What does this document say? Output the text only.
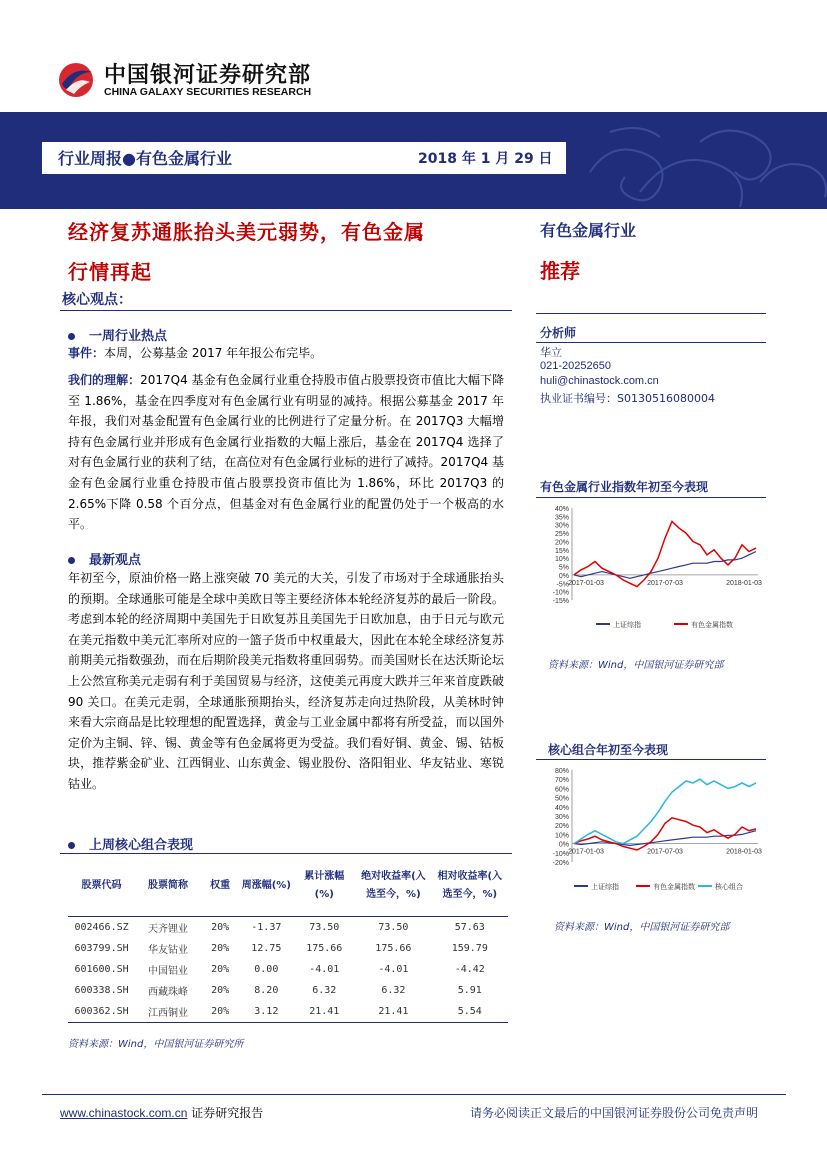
中国银河证券研究部
CHINA GALAXY SECURITIES RESEARCH
行业周报●有色金属行业	2018 年 1 月 29 日
经济复苏通胀抬头美元弱势，有色金属
行情再起
核心观点：
有色金属行业
推荐
一周行业热点
事件：本周，公募基金 2017 年年报公布完毕。
我们的理解：2017Q4 基金有色金属行业重仓持股市值占股票投资市值比大幅下降至 1.86%，基金在四季度对有色金属行业有明显的减持。根据公募基金 2017 年年报，我们对基金配置有色金属行业的比例进行了定量分析。在 2017Q3 大幅增持有色金属行业并形成有色金属行业指数的大幅上涨后，基金在 2017Q4 选择了对有色金属行业的获利了结，在高位对有色金属行业标的进行了减持。2017Q4 基金有色金属行业重仓持股市值占股票投资市值比为 1.86%，环比 2017Q3 的 2.65%下降 0.58 个百分点，但基金对有色金属行业的配置仍处于一个极高的水平。
最新观点
年初至今，原油价格一路上涨突破 70 美元的大关，引发了市场对于全球通胀抬头的预期。全球通胀可能是全球中美欧日等主要经济体本轮经济复苏的最后一阶段。考虑到本轮的经济周期中美国先于日欧复苏且美国先于日欧加息，由于日元与欧元在美元指数中美元汇率所对应的一篮子货币中权重最大，因此在本轮全球经济复苏前期美元指数强劲，而在后期阶段美元指数将重回弱势。而美国财长在达沃斯论坛上公然宣称美元走弱有利于美国贸易与经济，这使美元再度大跌并三年来首度跌破 90 关口。在美元走弱，全球通胀预期抬头，经济复苏走向过热阶段，从美林时钟来看大宗商品是比较理想的配置选择，黄金与工业金属中都将有所受益，而以国外定价为主铜、锌、锡、黄金等有色金属将更为受益。我们看好铜、黄金、锡、钴板块，推荐紫金矿业、江西铜业、山东黄金、锡业股份、洛阳钼业、华友钴业、寒锐钴业。
上周核心组合表现
股票代码	股票简称	权重	周涨幅(%)	累计涨幅(%)	绝对收益率(入选至今，%)	相对收益率(入选至今，%)
002466.SZ	天齐锂业	20%	-1.37	73.50	73.50	57.63
603799.SH	华友钴业	20%	12.75	175.66	175.66	159.79
601600.SH	中国铝业	20%	0.00	-4.01	-4.01	-4.42
600338.SH	西藏珠峰	20%	8.20	6.32	6.32	5.91
600362.SH	江西铜业	20%	3.12	21.41	21.41	5.54
资料来源：Wind，中国银河证券研究所
分析师
华立
021-20252650
huli@chinastock.com.cn
执业证书编号：S0130516080004
有色金属行业指数年初至今表现
40%
35%
30%
25%
20%
15%
10%
5%
0%
-5%
-10%
-15%
2017-01-03	2017-07-03	2018-01-03
上证综指	有色金属指数
资料来源：Wind，中国银河证券研究部
核心组合年初至今表现
80%
70%
60%
50%
40%
30%
20%
10%
0%
-10%
-20%
2017-01-03	2017-07-03	2018-01-03
上证综指	有色金属指数	核心组合
资料来源：Wind，中国银河证券研究部
www.chinastock.com.cn 证券研究报告	请务必阅读正文最后的中国银河证券股份公司免责声明
